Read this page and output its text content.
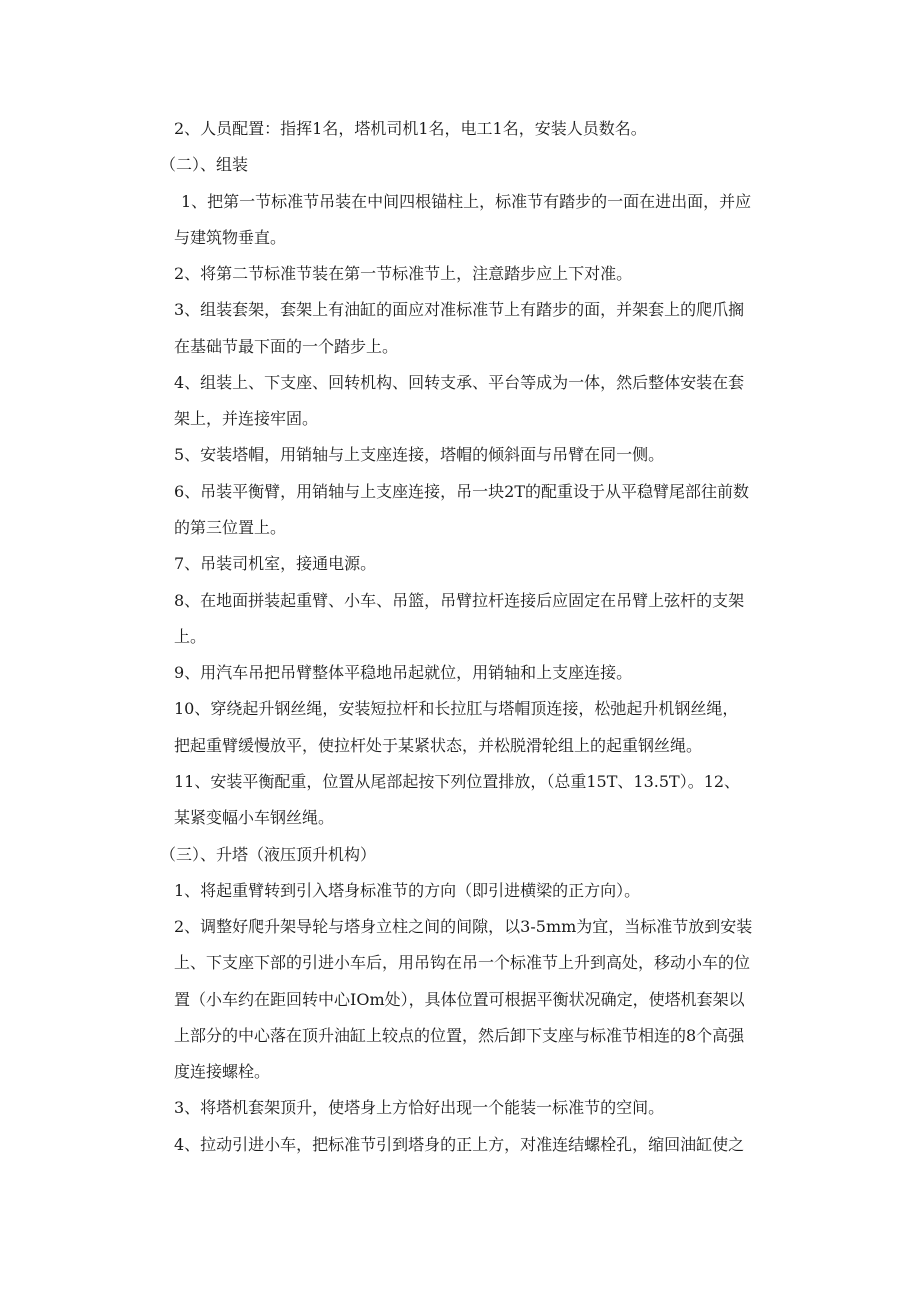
2、人员配置：指挥1名，塔机司机1名，电工1名，安装人员数名。
（二）、组装
1、把第一节标准节吊装在中间四根锚柱上，标准节有踏步的一面在进出面，并应
与建筑物垂直。
2、将第二节标准节装在第一节标准节上，注意踏步应上下对准。
3、组装套架，套架上有油缸的面应对准标准节上有踏步的面，并架套上的爬爪搁
在基础节最下面的一个踏步上。
4、组装上、下支座、回转机构、回转支承、平台等成为一体，然后整体安装在套
架上，并连接牢固。
5、安装塔帽，用销轴与上支座连接，塔帽的倾斜面与吊臂在同一侧。
6、吊装平衡臂，用销轴与上支座连接，吊一块2T的配重设于从平稳臂尾部往前数
的第三位置上。
7、吊装司机室，接通电源。
8、在地面拼装起重臂、小车、吊篮，吊臂拉杆连接后应固定在吊臂上弦杆的支架
上。
9、用汽车吊把吊臂整体平稳地吊起就位，用销轴和上支座连接。
10、穿绕起升钢丝绳，安装短拉杆和长拉肛与塔帽顶连接，松弛起升机钢丝绳，
把起重臂缓慢放平，使拉杆处于某紧状态，并松脱滑轮组上的起重钢丝绳。
11、安装平衡配重，位置从尾部起按下列位置排放，（总重15T、13.5T）。12、
某紧变幅小车钢丝绳。
（三）、升塔（液压顶升机构）
1、将起重臂转到引入塔身标准节的方向（即引进横梁的正方向）。
2、调整好爬升架导轮与塔身立柱之间的间隙，以3-5mm为宜，当标准节放到安装
上、下支座下部的引进小车后，用吊钩在吊一个标准节上升到高处，移动小车的位
置（小车约在距回转中心IOm处），具体位置可根据平衡状况确定，使塔机套架以
上部分的中心落在顶升油缸上较点的位置，然后卸下支座与标准节相连的8个高强
度连接螺栓。
3、将塔机套架顶升，使塔身上方恰好出现一个能装一标准节的空间。
4、拉动引进小车，把标准节引到塔身的正上方，对准连结螺栓孔，缩回油缸使之
